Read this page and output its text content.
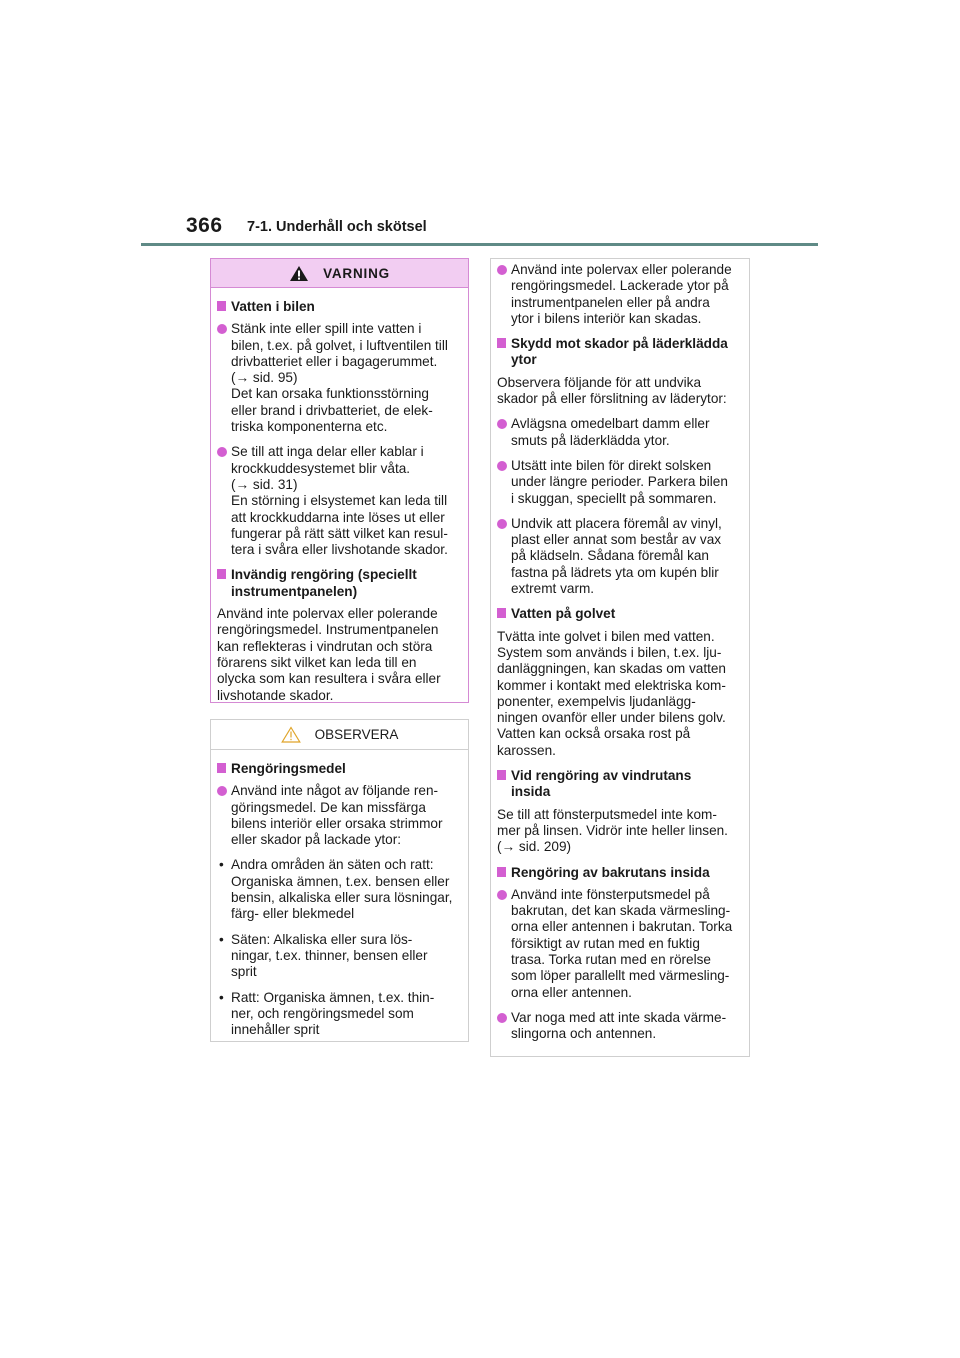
366 7-1. Underhåll och skötsel
VARNING
Vatten i bilen
Stänk inte eller spill inte vatten i
bilen, t.ex. på golvet, i luftventilen till
drivbatteriet eller i bagagerummet.
(→ sid. 95)
Det kan orsaka funktionsstörning
eller brand i drivbatteriet, de elek-
triska komponenterna etc.
Se till att inga delar eller kablar i
krockkuddesystemet blir våta.
(→ sid. 31)
En störning i elsystemet kan leda till
att krockkuddarna inte löses ut eller
fungerar på rätt sätt vilket kan resul-
tera i svåra eller livshotande skador.
Invändig rengöring (speciellt
instrumentpanelen)
Använd inte polervax eller polerande
rengöringsmedel. Instrumentpanelen
kan reflekteras i vindrutan och störa
förarens sikt vilket kan leda till en
olycka som kan resultera i svåra eller
livshotande skador.
OBSERVERA
Rengöringsmedel
Använd inte något av följande ren-
göringsmedel. De kan missfärga
bilens interiör eller orsaka strimmor
eller skador på lackade ytor:
• Andra områden än säten och ratt:
Organiska ämnen, t.ex. bensen eller
bensin, alkaliska eller sura lösningar,
färg- eller blekmedel
• Säten: Alkaliska eller sura lös-
ningar, t.ex. thinner, bensen eller
sprit
• Ratt: Organiska ämnen, t.ex. thin-
ner, och rengöringsmedel som
innehåller sprit
Använd inte polervax eller polerande
rengöringsmedel. Lackerade ytor på
instrumentpanelen eller på andra
ytor i bilens interiör kan skadas.
Skydd mot skador på läderklädda
ytor
Observera följande för att undvika
skador på eller förslitning av läderytor:
Avlägsna omedelbart damm eller
smuts på läderklädda ytor.
Utsätt inte bilen för direkt solsken
under längre perioder. Parkera bilen
i skuggan, speciellt på sommaren.
Undvik att placera föremål av vinyl,
plast eller annat som består av vax
på klädseln. Sådana föremål kan
fastna på lädrets yta om kupén blir
extremt varm.
Vatten på golvet
Tvätta inte golvet i bilen med vatten.
System som används i bilen, t.ex. lju-
danläggningen, kan skadas om vatten
kommer i kontakt med elektriska kom-
ponenter, exempelvis ljudanlägg-
ningen ovanför eller under bilens golv.
Vatten kan också orsaka rost på
karossen.
Vid rengöring av vindrutans
insida
Se till att fönsterputsmedel inte kom-
mer på linsen. Vidrör inte heller linsen.
(→ sid. 209)
Rengöring av bakrutans insida
Använd inte fönsterputsmedel på
bakrutan, det kan skada värmesling-
orna eller antennen i bakrutan. Torka
försiktigt av rutan med en fuktig
trasa. Torka rutan med en rörelse
som löper parallellt med värmesling-
orna eller antennen.
Var noga med att inte skada värme-
slingorna och antennen.
